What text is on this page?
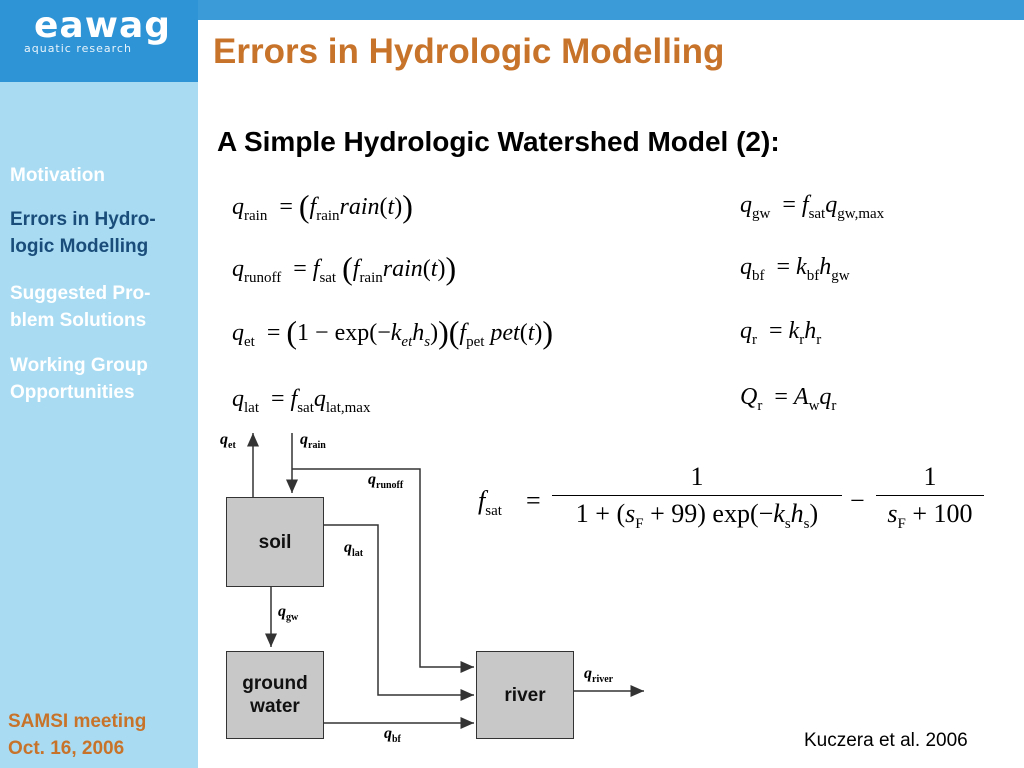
eawag
aquatic research Errors in Hydrologic Modelling
Motivation
Errors in Hydro-logic Modelling
Suggested Pro-blem Solutions
Working Group Opportunities
SAMSI meeting
Oct. 16, 2006
A Simple Hydrologic Watershed Model (2):
$q_{rain}$  = $(f_{rain}rain(t))$
$q_{runoff} = f_{sat}$ $(f_{rain}rain(t))$
$q_{et} = (1 - \exp(-k_{et}h_s))(f_{pet}$ pet(t))
$q_{lat} = f_{sat}q_{lat,max}$
$q_{gw} = f_{sat}q_{gw,max}$
$q_{bf} = k_{bf}h_{gw}$
$q_r = k_rh_r$
$Q_r = A_wq_r$
$f_{sat}$ =
1
$1 + (s_F + 99)$ $\exp(-k_sh_s)$	−
1
$s_F + 100$
soil
ground water
river
$q_{et}$	$q_{rain}$
$q_{runoff}$
$q_{lat}$
$q_{gw}$
$q_{river}$
$q_{bf}$	Kuczera et al. 2006
